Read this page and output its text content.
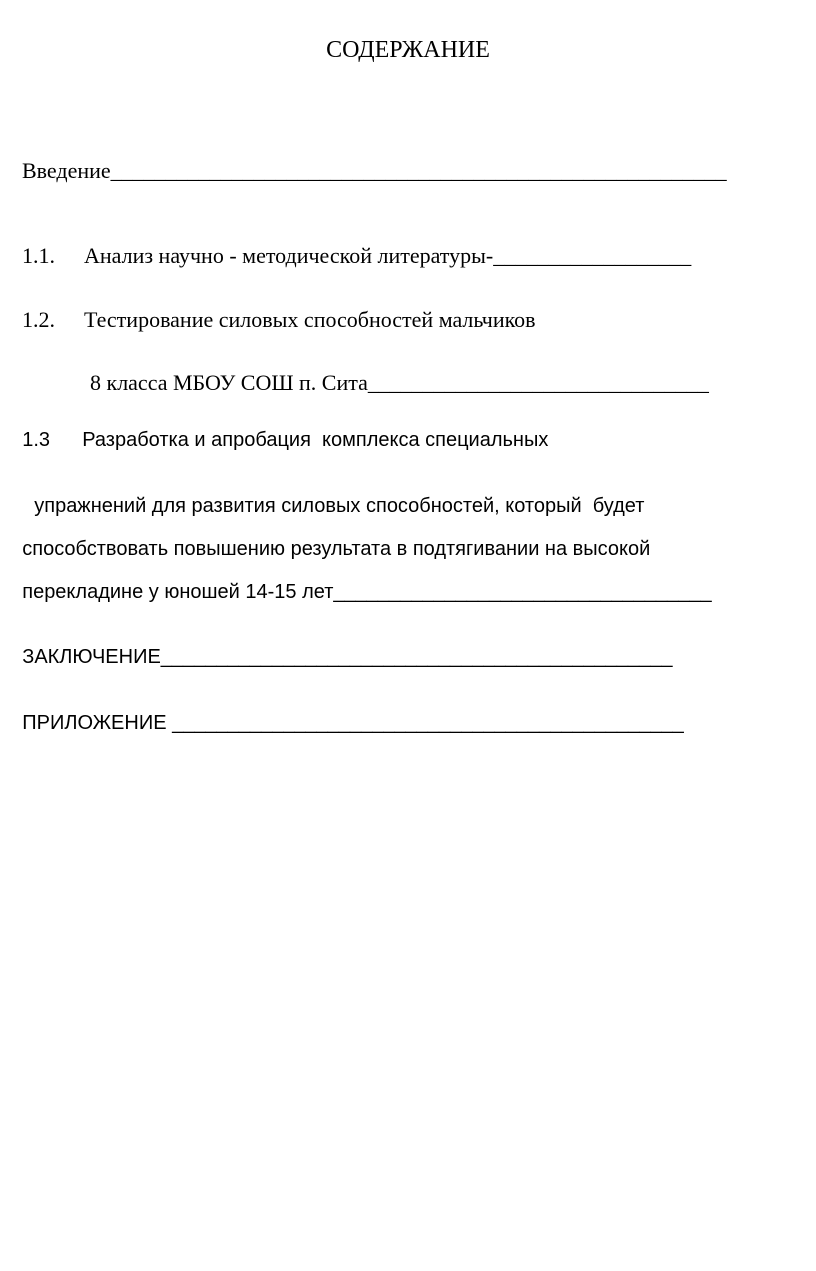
СОДЕРЖАНИЕ

Введение________________________________________________________

1.1. Анализ научно - методической литературы-__________________

1.2. Тестирование силовых способностей мальчиков

8 класса МБОУ СОШ п. Сита_______________________________

1.3 Разработка и апробация  комплекса специальных

упражнений для развития силовых способностей, который  будет

способствовать повышению результата в подтягивании на высокой

перекладине у юношей 14-15 лет__________________________________

ЗАКЛЮЧЕНИЕ______________________________________________

ПРИЛОЖЕНИЕ ______________________________________________
